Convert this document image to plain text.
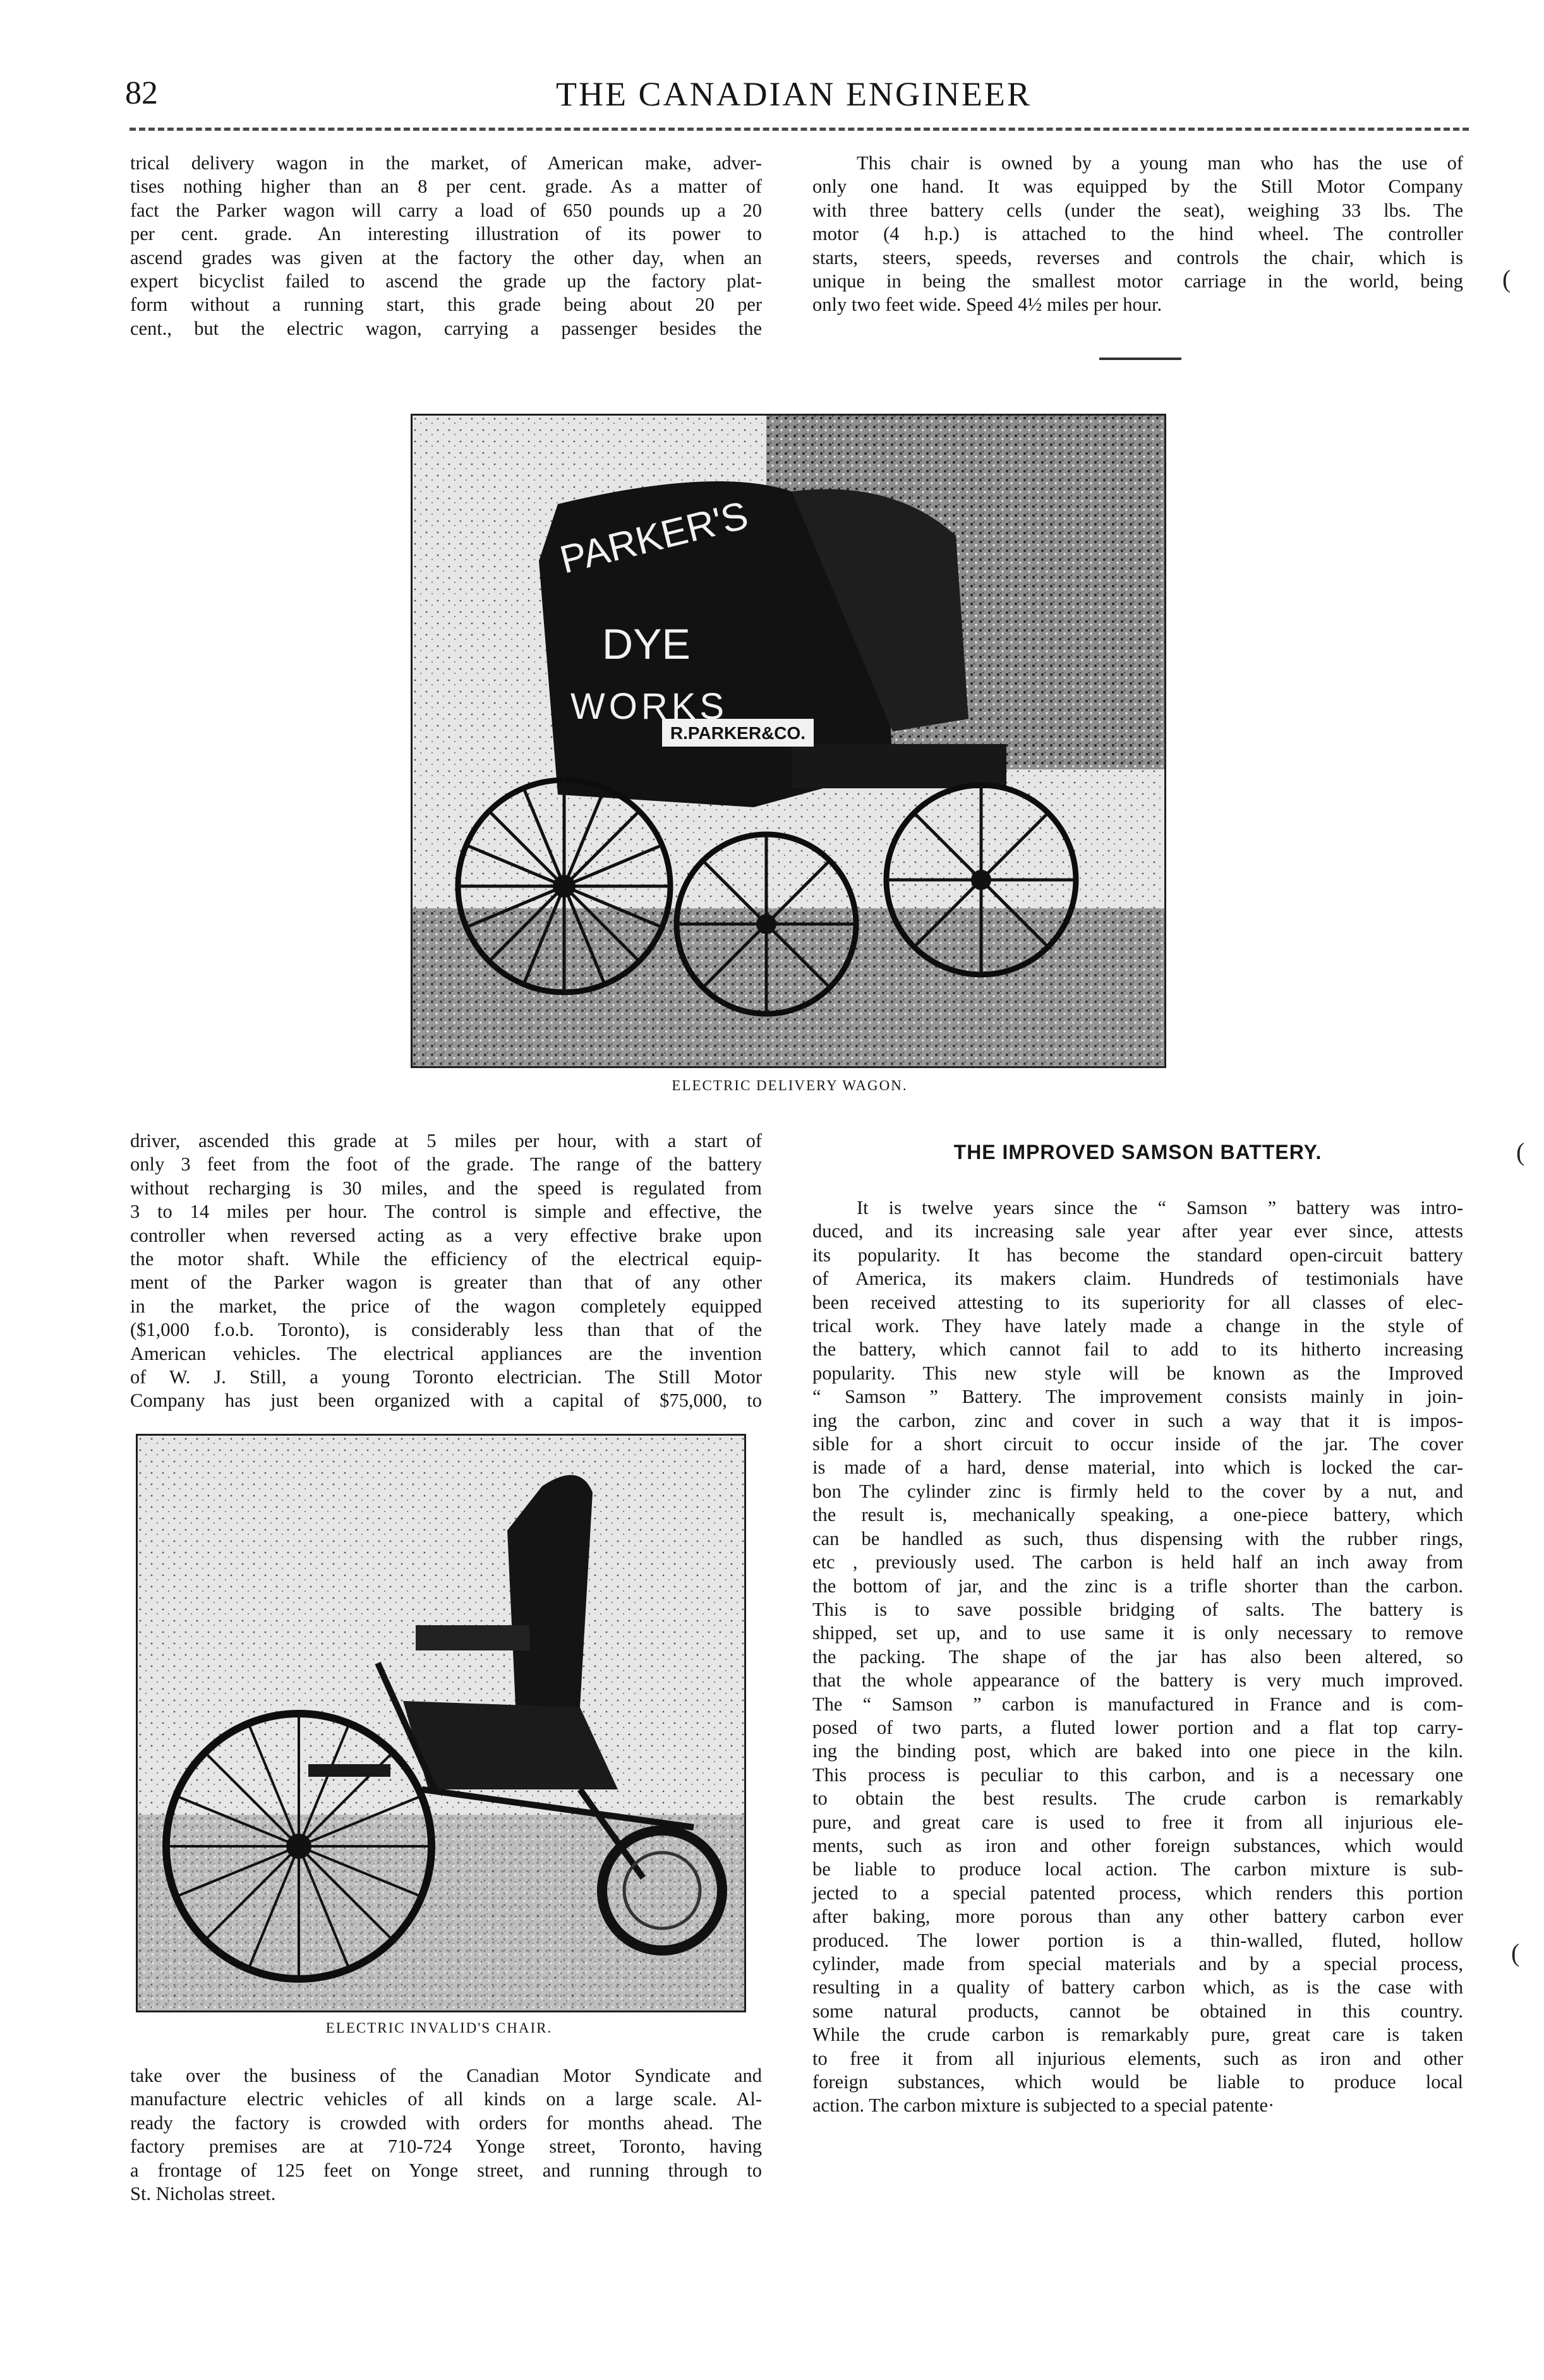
82	THE CANADIAN ENGINEER

trical delivery wagon in the market, of American make, adver-

tises nothing higher than an 8 per cent. grade. As a matter of

fact the Parker wagon will carry a load of 650 pounds up a 20

per cent. grade. An interesting illustration of its power to

ascend grades was given at the factory the other day, when an

expert bicyclist failed to ascend the grade up the factory plat-

form without a running start, this grade being about 20 per

cent., but the electric wagon, carrying a passenger besides the

This chair is owned by a young man who has the use of

only one hand. It was equipped by the Still Motor Company

with three battery cells (under the seat), weighing 33 lbs. The

motor (4 h.p.) is attached to the hind wheel. The controller

starts, steers, speeds, reverses and controls the chair, which is

unique in being the smallest motor carriage in the world, being

only two feet wide. Speed 4½ miles per hour.

(
R.PARKER&CO.
PARKER'S
DYE
WORKS
ELECTRIC DELIVERY WAGON.

driver, ascended this grade at 5 miles per hour, with a start of

only 3 feet from the foot of the grade. The range of the battery

without recharging is 30 miles, and the speed is regulated from

3 to 14 miles per hour. The control is simple and effective, the

controller when reversed acting as a very effective brake upon

the motor shaft. While the efficiency of the electrical equip-

ment of the Parker wagon is greater than that of any other

in the market, the price of the wagon completely equipped

($1,000 f.o.b. Toronto), is considerably less than that of the

American vehicles. The electrical appliances are the invention

of W. J. Still, a young Toronto electrician. The Still Motor

Company has just been organized with a capital of $75,000, to

ELECTRIC INVALID'S CHAIR.

take over the business of the Canadian Motor Syndicate and

manufacture electric vehicles of all kinds on a large scale. Al-

ready the factory is crowded with orders for months ahead. The

factory premises are at 710-724 Yonge street, Toronto, having

a frontage of 125 feet on Yonge street, and running through to

St. Nicholas street.

THE IMPROVED SAMSON BATTERY.	(

It is twelve years since the “ Samson ” battery was intro-

duced, and its increasing sale year after year ever since, attests

its popularity. It has become the standard open-circuit battery

of America, its makers claim. Hundreds of testimonials have

been received attesting to its superiority for all classes of elec-

trical work. They have lately made a change in the style of

the battery, which cannot fail to add to its hitherto increasing

popularity. This new style will be known as the Improved

“ Samson ” Battery. The improvement consists mainly in join-

ing the carbon, zinc and cover in such a way that it is impos-

sible for a short circuit to occur inside of the jar. The cover

is made of a hard, dense material, into which is locked the car-

bon The cylinder zinc is firmly held to the cover by a nut, and

the result is, mechanically speaking, a one-piece battery, which

can be handled as such, thus dispensing with the rubber rings,

etc , previously used. The carbon is held half an inch away from

the bottom of jar, and the zinc is a trifle shorter than the carbon.

This is to save possible bridging of salts. The battery is

shipped, set up, and to use same it is only necessary to remove

the packing. The shape of the jar has also been altered, so

that the whole appearance of the battery is very much improved.

The “ Samson ” carbon is manufactured in France and is com-

posed of two parts, a fluted lower portion and a flat top carry-

ing the binding post, which are baked into one piece in the kiln.

This process is peculiar to this carbon, and is a necessary one

to obtain the best results. The crude carbon is remarkably

pure, and great care is used to free it from all injurious ele-

ments, such as iron and other foreign substances, which would

be liable to produce local action. The carbon mixture is sub-

jected to a special patented process, which renders this portion

after baking, more porous than any other battery carbon ever

produced. The lower portion is a thin-walled, fluted, hollow

cylinder, made from special materials and by a special process,

resulting in a quality of battery carbon which, as is the case with

some natural products, cannot be obtained in this country.

While the crude carbon is remarkably pure, great care is taken

to free it from all injurious elements, such as iron and other

foreign substances, which would be liable to produce local

action. The carbon mixture is subjected to a special patente·

(
